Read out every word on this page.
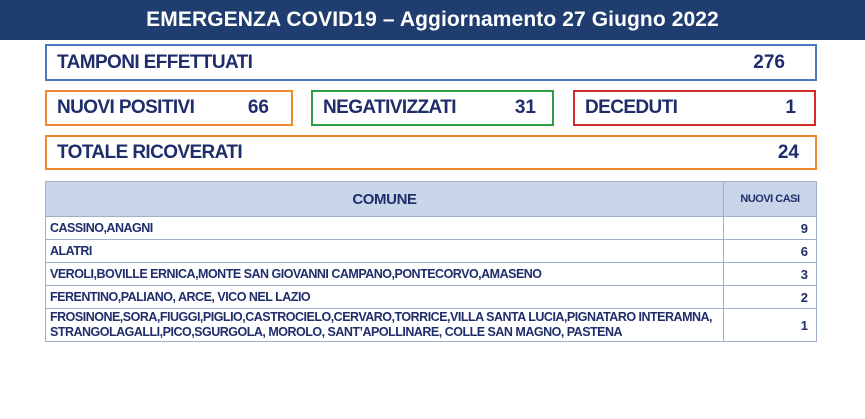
EMERGENZA COVID19 – Aggiornamento 27 Giugno 2022
TAMPONI EFFETTUATI	276
NUOVI POSITIVI	66	NEGATIVIZZATI	31	DECEDUTI	1
TOTALE RICOVERATI	24
COMUNE	NUOVI CASI
CASSINO,ANAGNI	9
ALATRI	6
VEROLI,BOVILLE ERNICA,MONTE SAN GIOVANNI CAMPANO,PONTECORVO,AMASENO	3
FERENTINO,PALIANO, ARCE, VICO NEL LAZIO	2
FROSINONE,SORA,FIUGGI,PIGLIO,CASTROCIELO,CERVARO,TORRICE,VILLA SANTA LUCIA,PIGNATARO INTERAMNA, STRANGOLAGALLI,PICO,SGURGOLA, MOROLO, SANT’APOLLINARE, COLLE SAN MAGNO, PASTENA	1
